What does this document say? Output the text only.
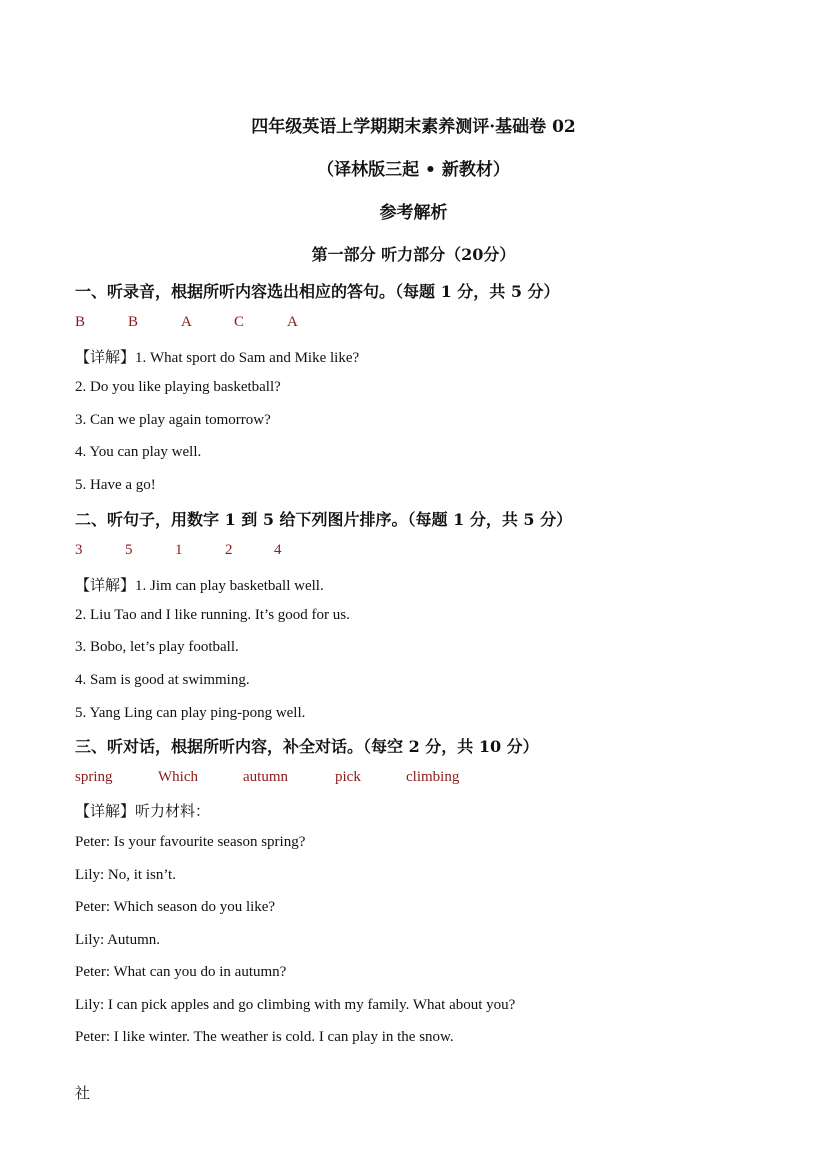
四年级英语上学期期末素养测评·基础卷 02
（译林版三起 • 新教材）
参考解析
第一部分 听力部分（20分）
一、听录音，根据所听内容选出相应的答句。（每题 1 分，共 5 分）
B	B	A	C	A
【详解】1. What sport do Sam and Mike like?
2. Do you like playing basketball?
3. Can we play again tomorrow?
4. You can play well.
5. Have a go!
二、听句子，用数字 1 到 5 给下列图片排序。（每题 1 分，共 5 分）
3	5	1	2	4
【详解】1. Jim can play basketball well.
2. Liu Tao and I like running. It’s good for us.
3. Bobo, let’s play football.
4. Sam is good at swimming.
5. Yang Ling can play ping-pong well.
三、听对话，根据所听内容，补全对话。（每空 2 分，共 10 分）
spring	Which	autumn	pick	climbing
【详解】听力材料：
Peter: Is your favourite season spring?
Lily: No, it isn’t.
Peter: Which season do you like?
Lily: Autumn.
Peter: What can you do in autumn?
Lily: I can pick apples and go climbing with my family. What about you?
Peter: I like winter. The weather is cold. I can play in the snow.
社
